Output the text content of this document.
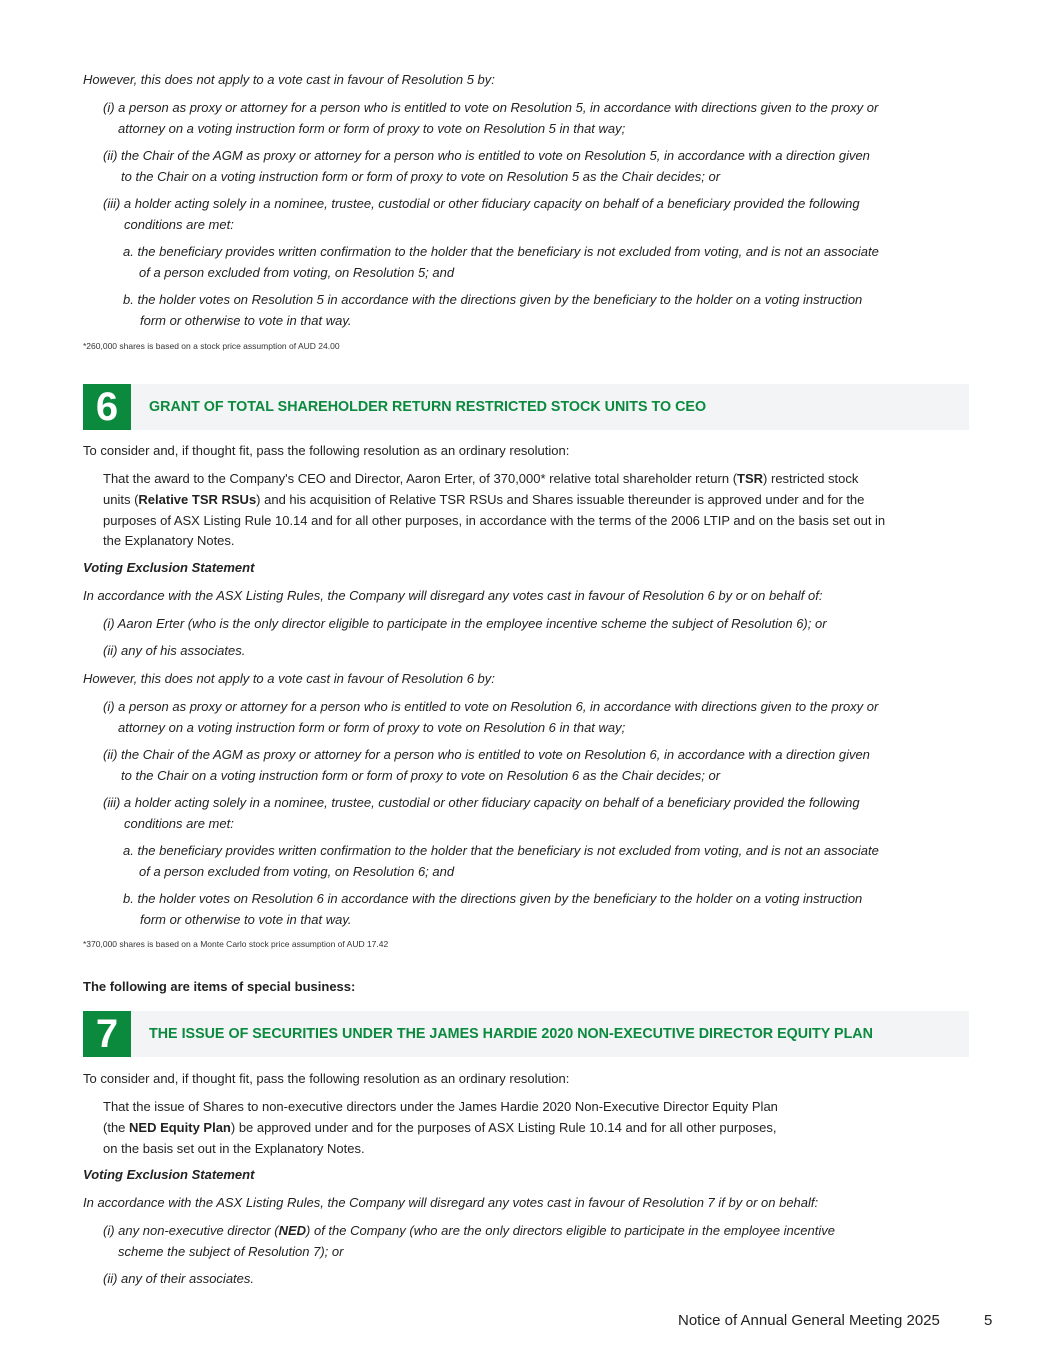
However, this does not apply to a vote cast in favour of Resolution 5 by:

(i) a person as proxy or attorney for a person who is entitled to vote on Resolution 5, in accordance with directions given to the proxy or
attorney on a voting instruction form or form of proxy to vote on Resolution 5 in that way;

(ii) the Chair of the AGM as proxy or attorney for a person who is entitled to vote on Resolution 5, in accordance with a direction given
to the Chair on a voting instruction form or form of proxy to vote on Resolution 5 as the Chair decides; or

(iii) a holder acting solely in a nominee, trustee, custodial or other fiduciary capacity on behalf of a beneficiary provided the following
conditions are met:

a. the beneficiary provides written confirmation to the holder that the beneficiary is not excluded from voting, and is not an associate
of a person excluded from voting, on Resolution 5; and

b. the holder votes on Resolution 5 in accordance with the directions given by the beneficiary to the holder on a voting instruction
form or otherwise to vote in that way.

*260,000 shares is based on a stock price assumption of AUD 24.00

6	GRANT OF TOTAL SHAREHOLDER RETURN RESTRICTED STOCK UNITS TO CEO

To consider and, if thought fit, pass the following resolution as an ordinary resolution:

That the award to the Company's CEO and Director, Aaron Erter, of 370,000* relative total shareholder return (TSR) restricted stock
units (Relative TSR RSUs) and his acquisition of Relative TSR RSUs and Shares issuable thereunder is approved under and for the
purposes of ASX Listing Rule 10.14 and for all other purposes, in accordance with the terms of the 2006 LTIP and on the basis set out in
the Explanatory Notes.

Voting Exclusion Statement

In accordance with the ASX Listing Rules, the Company will disregard any votes cast in favour of Resolution 6 by or on behalf of:

(i) Aaron Erter (who is the only director eligible to participate in the employee incentive scheme the subject of Resolution 6); or

(ii) any of his associates.

However, this does not apply to a vote cast in favour of Resolution 6 by:

(i) a person as proxy or attorney for a person who is entitled to vote on Resolution 6, in accordance with directions given to the proxy or
attorney on a voting instruction form or form of proxy to vote on Resolution 6 in that way;

(ii) the Chair of the AGM as proxy or attorney for a person who is entitled to vote on Resolution 6, in accordance with a direction given
to the Chair on a voting instruction form or form of proxy to vote on Resolution 6 as the Chair decides; or

(iii) a holder acting solely in a nominee, trustee, custodial or other fiduciary capacity on behalf of a beneficiary provided the following
conditions are met:

a. the beneficiary provides written confirmation to the holder that the beneficiary is not excluded from voting, and is not an associate
of a person excluded from voting, on Resolution 6; and

b. the holder votes on Resolution 6 in accordance with the directions given by the beneficiary to the holder on a voting instruction
form or otherwise to vote in that way.

*370,000 shares is based on a Monte Carlo stock price assumption of AUD 17.42

The following are items of special business:

7	THE ISSUE OF SECURITIES UNDER THE JAMES HARDIE 2020 NON-EXECUTIVE DIRECTOR EQUITY PLAN

To consider and, if thought fit, pass the following resolution as an ordinary resolution:

That the issue of Shares to non-executive directors under the James Hardie 2020 Non-Executive Director Equity Plan
(the NED Equity Plan) be approved under and for the purposes of ASX Listing Rule 10.14 and for all other purposes,
on the basis set out in the Explanatory Notes.

Voting Exclusion Statement

In accordance with the ASX Listing Rules, the Company will disregard any votes cast in favour of Resolution 7 if by or on behalf:

(i) any non-executive director (NED) of the Company (who are the only directors eligible to participate in the employee incentive
scheme the subject of Resolution 7); or

(ii) any of their associates.

Notice of Annual General Meeting 2025	5
